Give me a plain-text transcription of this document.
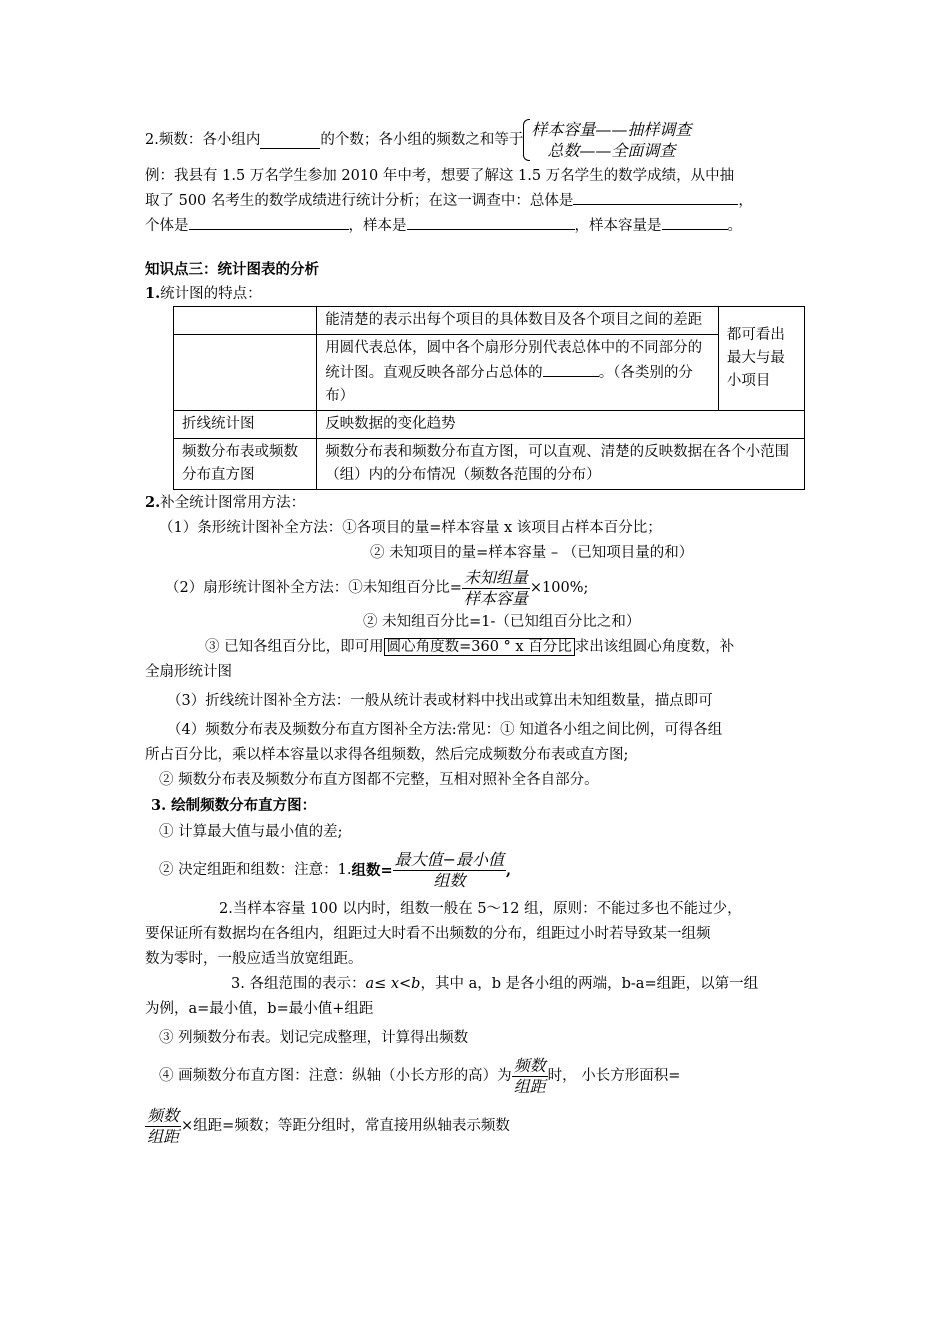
2. 频数 ：各小组内	的个数；各小组的频数之和等于
样本容量——抽样调查
总数——全面调查
例：我县有 1.5 万名学生参加 2010 年中考，想要了解这 1.5 万名学生的数学成绩，从中抽
取了 500 名考生的数学成绩进行统计分析；在这一调查中：总体是	，
个体是	，样本是	，样本容量是	。
知识点三：统计图表的分析
1.统计图的特点：
	能清楚的表示出每个项目的具体数目及各个项目之间的差距	都可看出最大与最小项目
	用圆代表总体，圆中各个扇形分别代表总体中的不同部分的统计图。直观反映各部分占总体的 。（各类别的分布）	
折线统计图	反映数据的变化趋势	
频数分布表或频数分布直方图	频数分布表和频数分布直方图，可以直观、清楚的反映数据在各个小范围（组）内的分布情况（频数各范围的分布）	
2.补全统计图常用方法：
（1）条形统计图补全方法：①各项目的量=样本容量 x 该项目占样本百分比；
② 未知项目的量=样本容量 – （已知项目量的和）
（2）扇形统计图补全方法：①未知组百分比= $\frac{\text{未知组量}}{\text{样本容量}} \times 100\%$;
② 未知组百分比=1-（已知组百分比之和）
③ 已知各组百分比，即可用 圆心角度数=360 ° x 百分比 求出该组圆心角度数，补
全扇形统计图
（3）折线统计图补全方法：一般从统计表或材料中找出或算出未知组数量，描点即可
（4）频数分布表及频数分布直方图补全方法:常见：① 知道各小组之间比例，可得各组
所占百分比，乘以样本容量以求得各组频数，然后完成频数分布表或直方图;
② 频数分布表及频数分布直方图都不完整，互相对照补全各自部分。
3. 绘制频数分布直方图：
① 计算最大值与最小值的差;
② 决定组距和组数：注意：1. 组数= $\frac{\text{最大值−最小值}}{\text{组数}}$ ,
2.当样本容量 100 以内时，组数一般在 5～12 组，原则：不能过多也不能过少，
要保证所有数据均在各组内，组距过大时看不出频数的分布，组距过小时若导致某一组频
数为零时，一般应适当放宽组距。
3. 各组范围的表示：a≤ x<b，其中 a，b 是各小组的两端，b-a=组距，以第一组
为例，a=最小值，b=最小值+组距
③ 列频数分布表。划记完成整理，计算得出频数
④ 画频数分布直方图：注意：纵轴（小长方形的高）为 $\frac{\text{频数}}{\text{组距}}$ 时， 小长方形面积=
$\frac{\text{频数}}{\text{组距}}$ ×组距=频数；等距分组时，常直接用纵轴表示频数
